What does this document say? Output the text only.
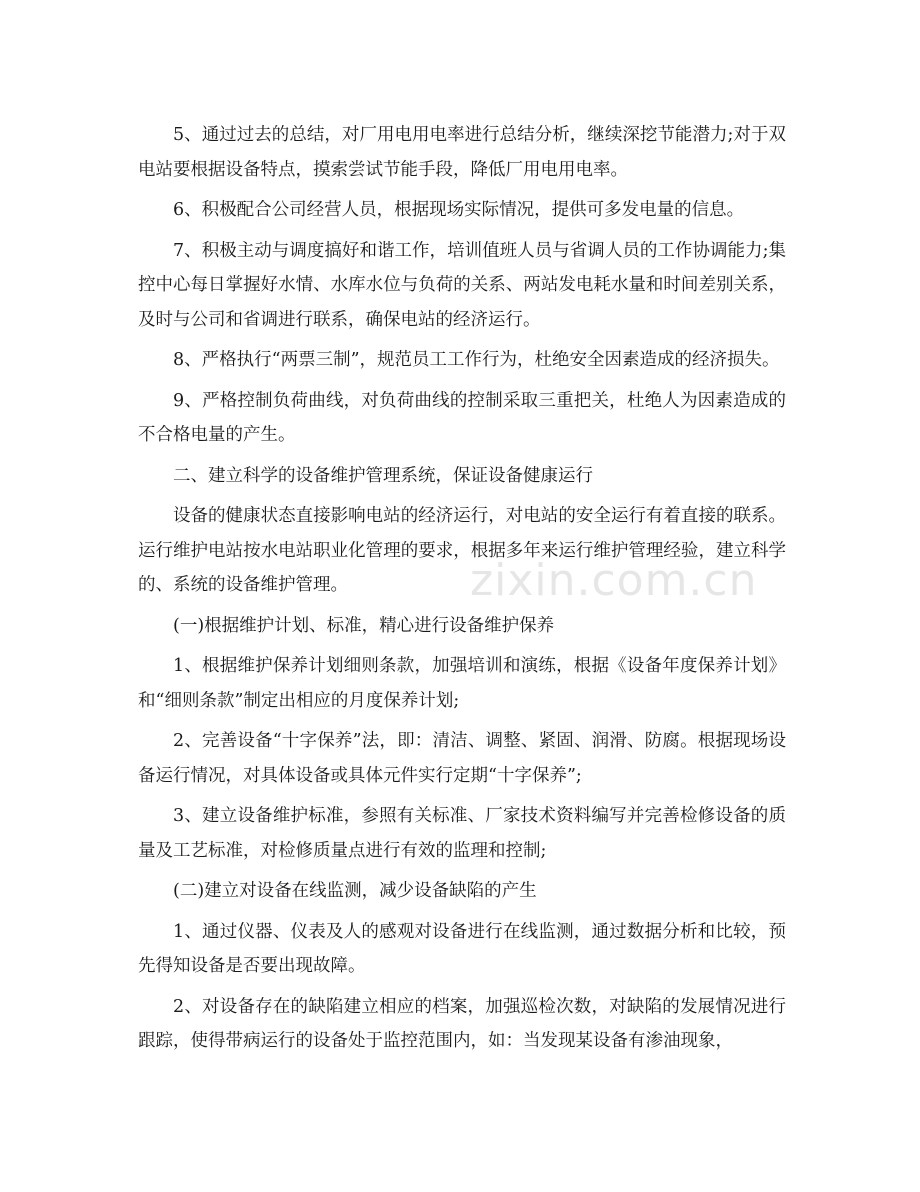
5、通过过去的总结，对厂用电用电率进行总结分析，继续深挖节能潜力;对于双电站要根据设备特点，摸索尝试节能手段，降低厂用电用电率。

6、积极配合公司经营人员，根据现场实际情况，提供可多发电量的信息。

7、积极主动与调度搞好和谐工作，培训值班人员与省调人员的工作协调能力;集控中心每日掌握好水情、水库水位与负荷的关系、两站发电耗水量和时间差别关系，及时与公司和省调进行联系，确保电站的经济运行。

8、严格执行“两票三制”，规范员工工作行为，杜绝安全因素造成的经济损失。

9、严格控制负荷曲线，对负荷曲线的控制采取三重把关，杜绝人为因素造成的不合格电量的产生。

二、建立科学的设备维护管理系统，保证设备健康运行

设备的健康状态直接影响电站的经济运行，对电站的安全运行有着直接的联系。运行维护电站按水电站职业化管理的要求，根据多年来运行维护管理经验，建立科学的、系统的设备维护管理。

(一)根据维护计划、标准，精心进行设备维护保养

1、根据维护保养计划细则条款，加强培训和演练，根据《设备年度保养计划》和“细则条款”制定出相应的月度保养计划;

2、完善设备“十字保养”法，即：清洁、调整、紧固、润滑、防腐。根据现场设备运行情况，对具体设备或具体元件实行定期“十字保养”;

3、建立设备维护标准，参照有关标准、厂家技术资料编写并完善检修设备的质量及工艺标准，对检修质量点进行有效的监理和控制;

(二)建立对设备在线监测，减少设备缺陷的产生

1、通过仪器、仪表及人的感观对设备进行在线监测，通过数据分析和比较，预先得知设备是否要出现故障。

2、对设备存在的缺陷建立相应的档案，加强巡检次数，对缺陷的发展情况进行跟踪，使得带病运行的设备处于监控范围内，如：当发现某设备有渗油现象，

zixin.com.cn
